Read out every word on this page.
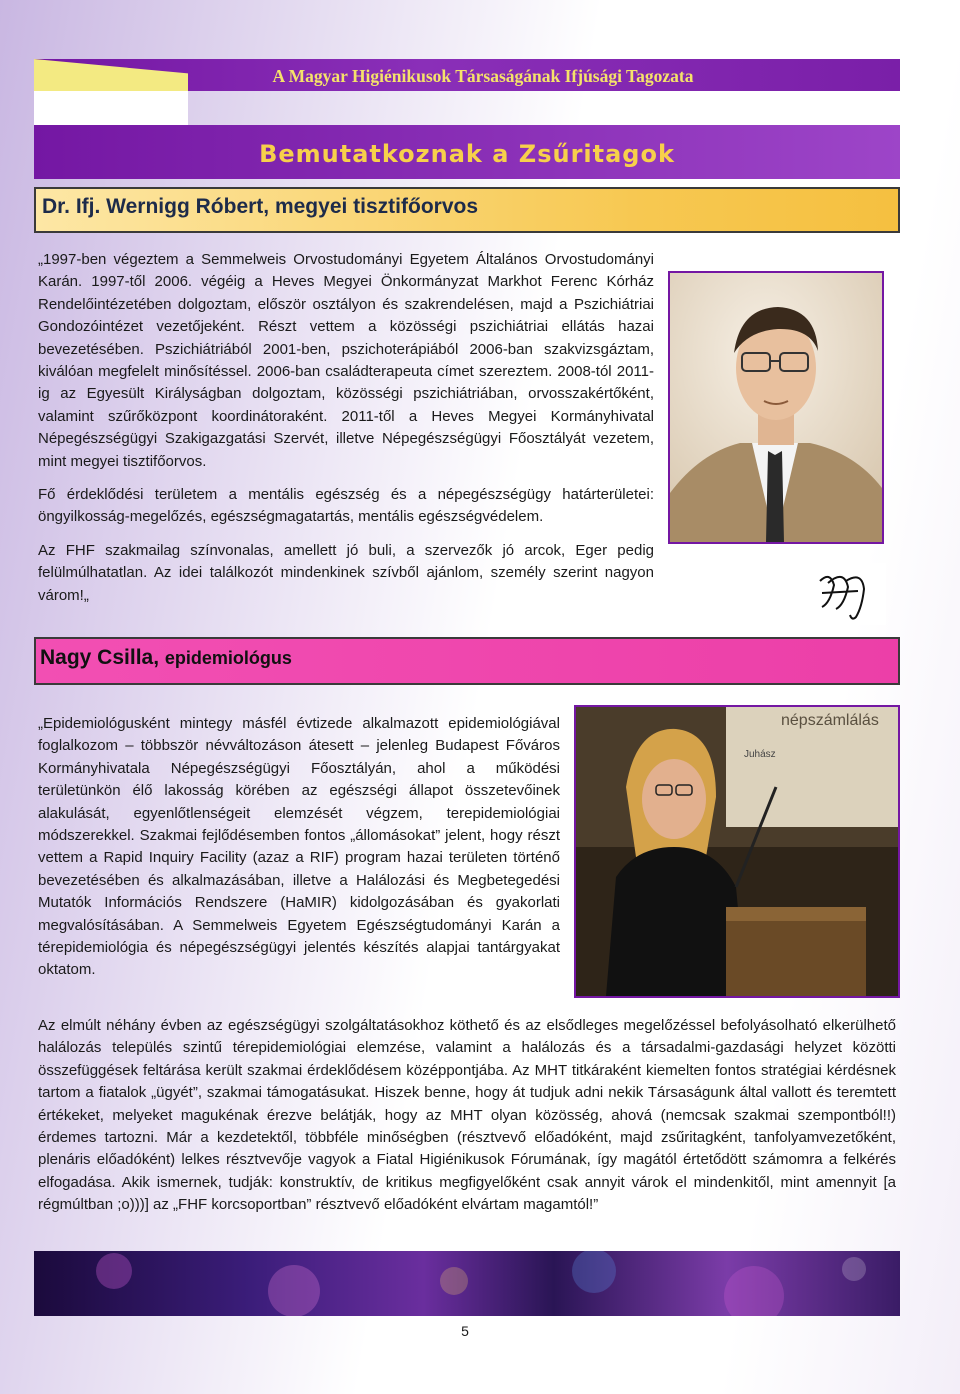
A Magyar Higiénikusok Társaságának Ifjúsági Tagozata
Bemutatkoznak a Zsűritagok
Dr. Ifj. Wernigg Róbert, megyei tisztifőorvos

„1997-ben végeztem a Semmelweis Orvostudományi Egyetem Általános Orvostudományi Karán. 1997-től 2006. végéig a Heves Megyei Önkormányzat Markhot Ferenc Kórház Rendelőintézetében dolgoztam, először osztályon és szakrendelésen, majd a Pszichiátriai Gondozóintézet vezetőjeként. Részt vettem a közösségi pszichiátriai ellátás hazai bevezetésében. Pszichiátriából 2001-ben, pszichoterápiából 2006-ban szakvizsgáztam, kiválóan megfelelt minősítéssel. 2006-ban családterapeuta címet szereztem. 2008-tól 2011-ig az Egyesült Királyságban dolgoztam, közösségi pszichiátriában, orvosszakértőként, valamint szűrőközpont koordinátoraként. 2011-től a Heves Megyei Kormányhivatal Népegészségügyi Szakigazgatási Szervét, illetve Népegészségügyi Főosztályát vezetem, mint megyei tisztifőorvos.

Fő érdeklődési területem a mentális egészség és a népegészségügy határterületei: öngyilkosság-megelőzés, egészségmagatartás, mentális egészségvédelem.

Az FHF szakmailag színvonalas, amellett jó buli, a szervezők jó arcok, Eger pedig felülmúlhatatlan. Az idei találkozót mindenkinek szívből ajánlom, személy szerint nagyon várom!„

Nagy Csilla, epidemiológus
„Epidemiológusként mintegy másfél évtizede alkalmazott epidemiológiával foglalkozom – többször névváltozáson átesett – jelenleg Budapest Főváros Kormányhivatala Népegészségügyi Főosztályán, ahol a működési területünkön élő lakosság körében az egészségi állapot összetevőinek alakulását, egyenlőtlenségeit elemzését végzem, terepidemiológiai módszerekkel. Szakmai fejlődésemben fontos „állomásokat” jelent, hogy részt vettem a Rapid Inquiry Facility (azaz a RIF) program hazai területen történő bevezetésében és alkalmazásában, illetve a Halálozási és Megbetegedési Mutatók Információs Rendszere (HaMIR) kidolgozásában és gyakorlati megvalósításában. A Semmelweis Egyetem Egészségtudományi Karán a térepidemiológia és népegészségügyi jelentés készítés alapjai tantárgyakat oktatom.
népszámlálás
Juhász
Az elmúlt néhány évben az egészségügyi szolgáltatásokhoz köthető és az elsődleges megelőzéssel befolyásolható elkerülhető halálozás település szintű térepidemiológiai elemzése, valamint a halálozás és a társadalmi-gazdasági helyzet közötti összefüggések feltárása került szakmai érdeklődésem középpontjába. Az MHT titkáraként kiemelten fontos stratégiai kérdésnek tartom a fiatalok „ügyét”, szakmai támogatásukat. Hiszek benne, hogy át tudjuk adni nekik Társaságunk által vallott és teremtett értékeket, melyeket magukénak érezve belátják, hogy az MHT olyan közösség, ahová (nemcsak szakmai szempontból!!) érdemes tartozni. Már a kezdetektől, többféle minőségben (résztvevő előadóként, majd zsűritagként, tanfolyamvezetőként, plenáris előadóként) lelkes résztvevője vagyok a Fiatal Higiénikusok Fórumának, így magától értetődött számomra a felkérés elfogadása. Akik ismernek, tudják: konstruktív, de kritikus megfigyelőként csak annyit várok el mindenkitől, mint amennyit [a régmúltban ;o)))] az „FHF korcsoportban” résztvevő előadóként elvártam magamtól!”
5
